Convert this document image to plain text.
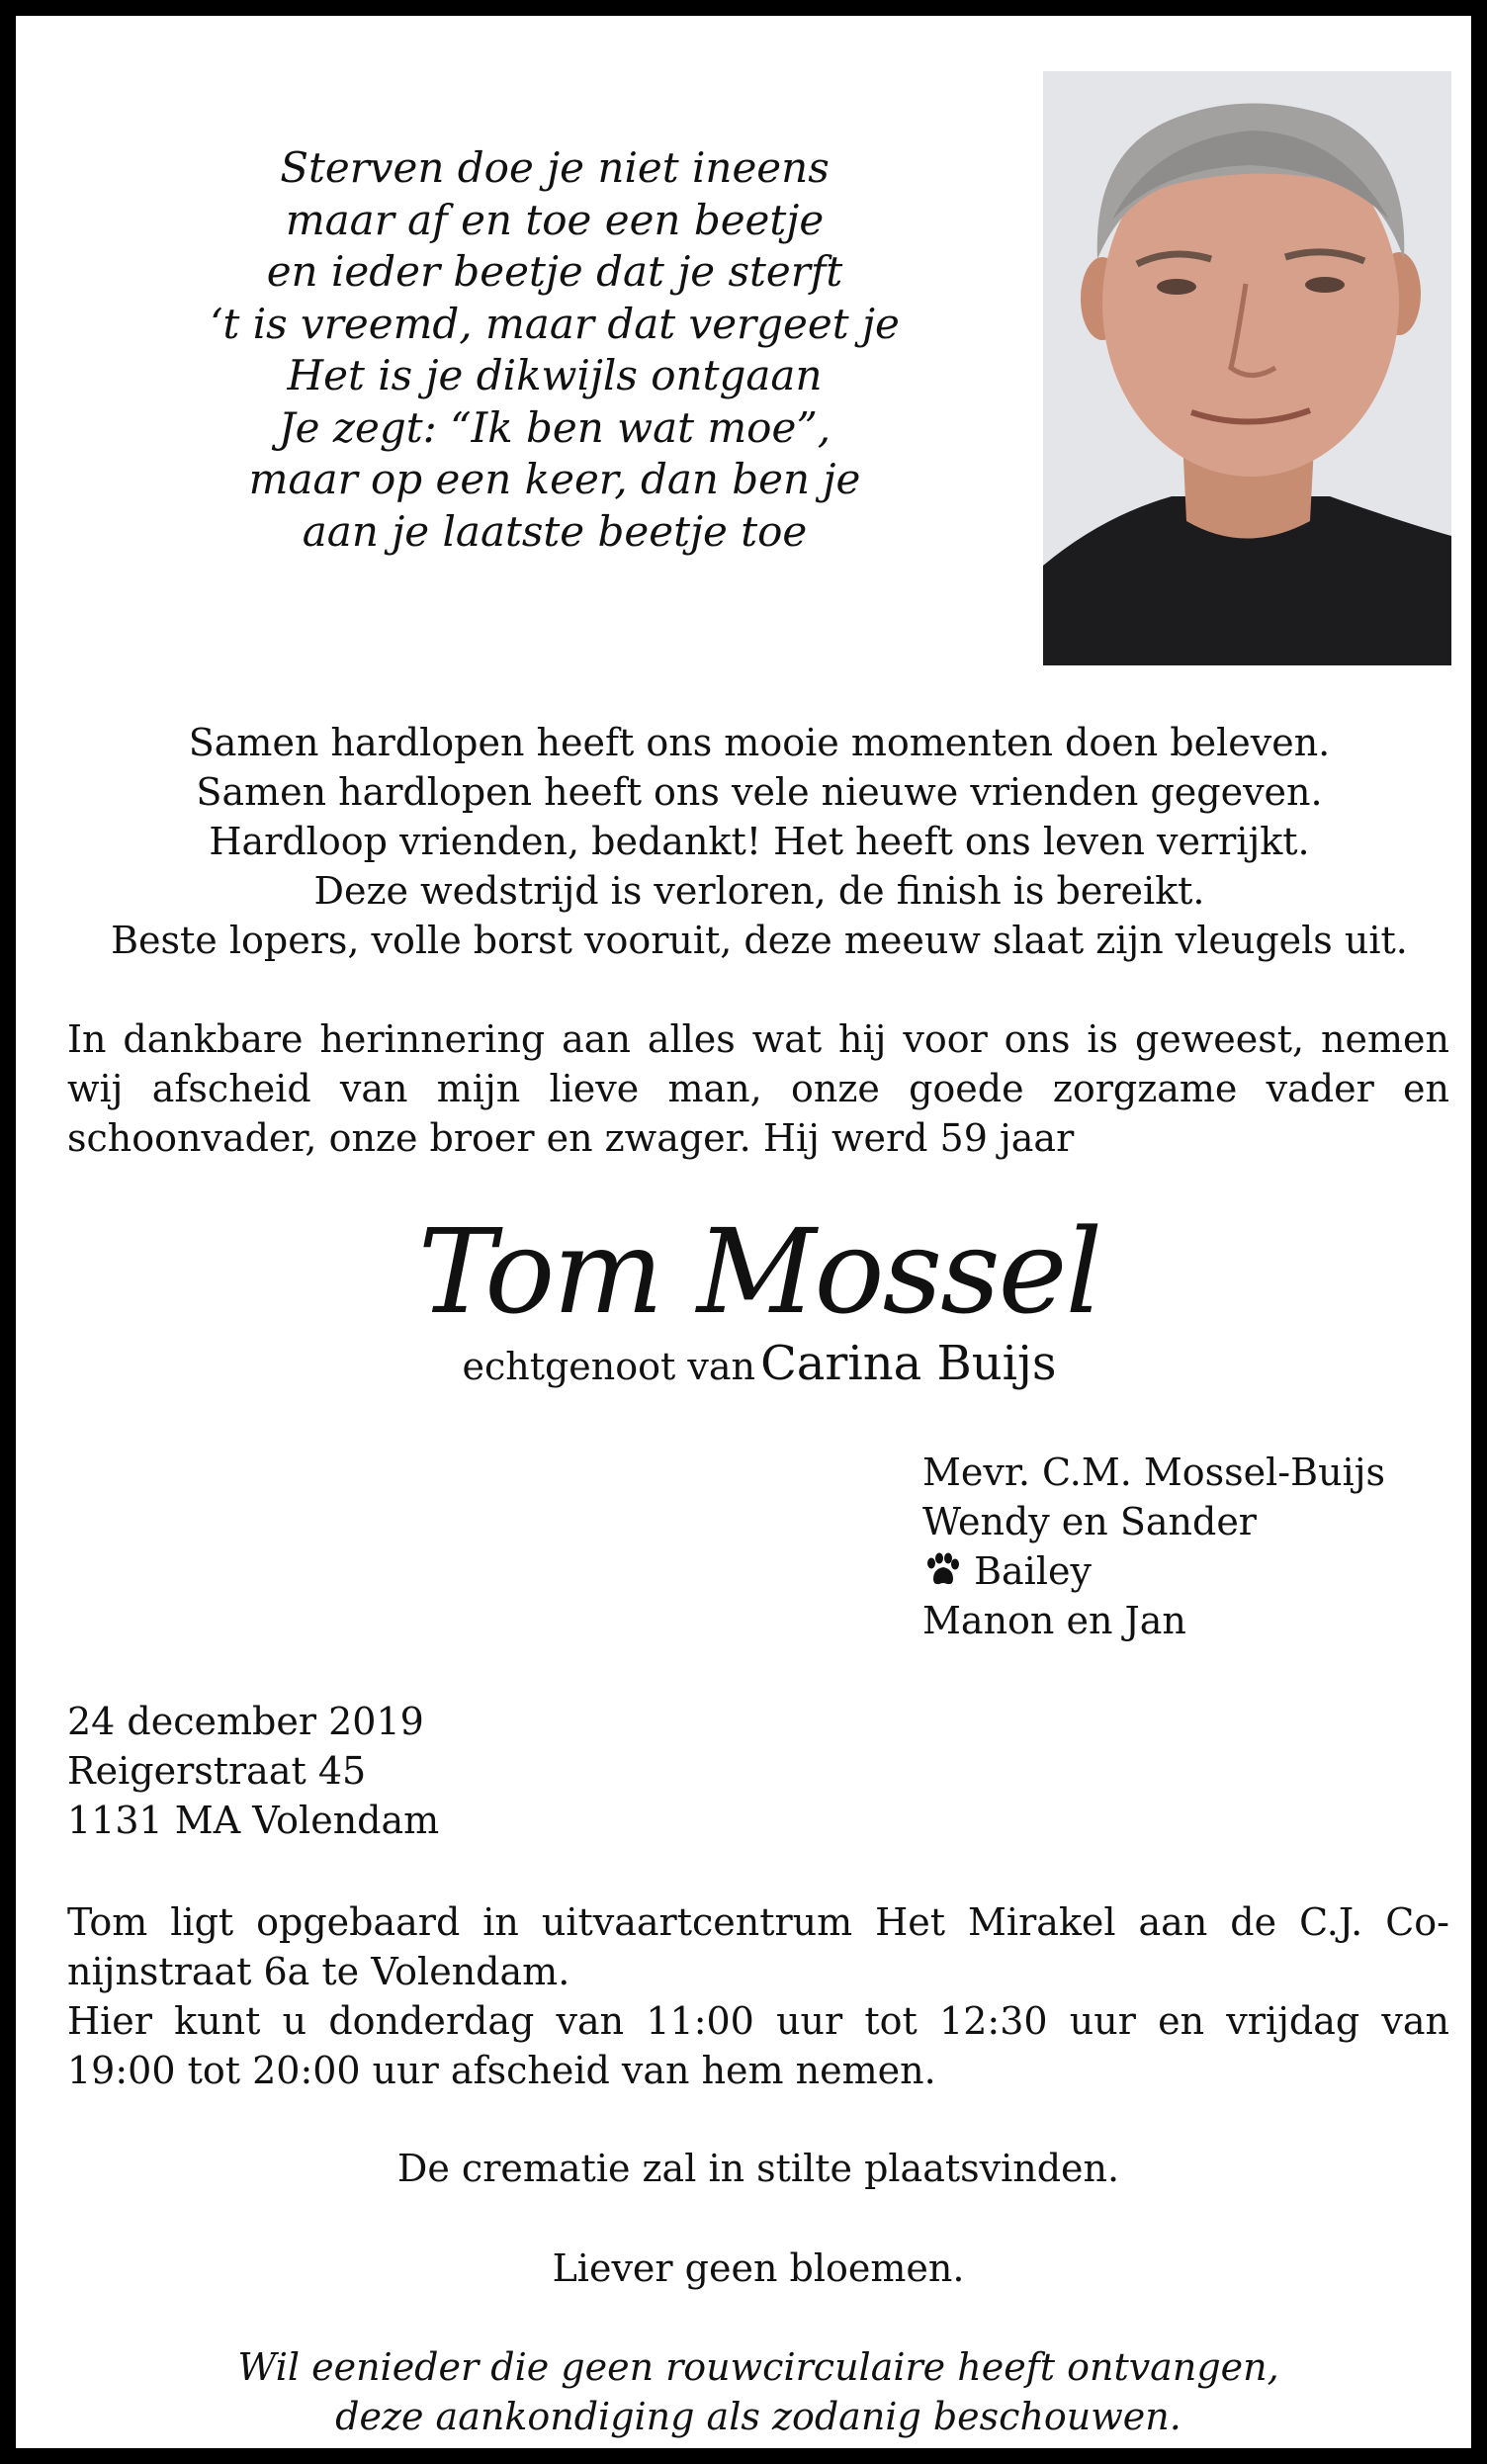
Sterven doe je niet ineens
maar af en toe een beetje
en ieder beetje dat je sterft
‘t is vreemd, maar dat vergeet je
Het is je dikwijls ontgaan
Je zegt: “Ik ben wat moe”,
maar op een keer, dan ben je
aan je laatste beetje toe
Samen hardlopen heeft ons mooie momenten doen beleven.
Samen hardlopen heeft ons vele nieuwe vrienden gegeven.
Hardloop vrienden, bedankt! Het heeft ons leven verrijkt.
Deze wedstrijd is verloren, de finish is bereikt.
Beste lopers, volle borst vooruit, deze meeuw slaat zijn vleugels uit.
In dankbare herinnering aan alles wat hij voor ons is geweest, nemen
wij afscheid van mijn lieve man, onze goede zorgzame vader en
schoonvader, onze broer en zwager. Hij werd 59 jaar
Tom Mossel
echtgenoot van Carina Buijs
Mevr. C.M. Mossel-Buijs
Wendy en Sander
Bailey
Manon en Jan
24 december 2019
Reigerstraat 45
1131 MA Volendam
Tom ligt opgebaard in uitvaartcentrum Het Mirakel aan de C.J. Co-
nijnstraat 6a te Volendam.
Hier kunt u donderdag van 11:00 uur tot 12:30 uur en vrijdag van
19:00 tot 20:00 uur afscheid van hem nemen.
De crematie zal in stilte plaatsvinden.
Liever geen bloemen.
Wil eenieder die geen rouwcirculaire heeft ontvangen,
deze aankondiging als zodanig beschouwen.
